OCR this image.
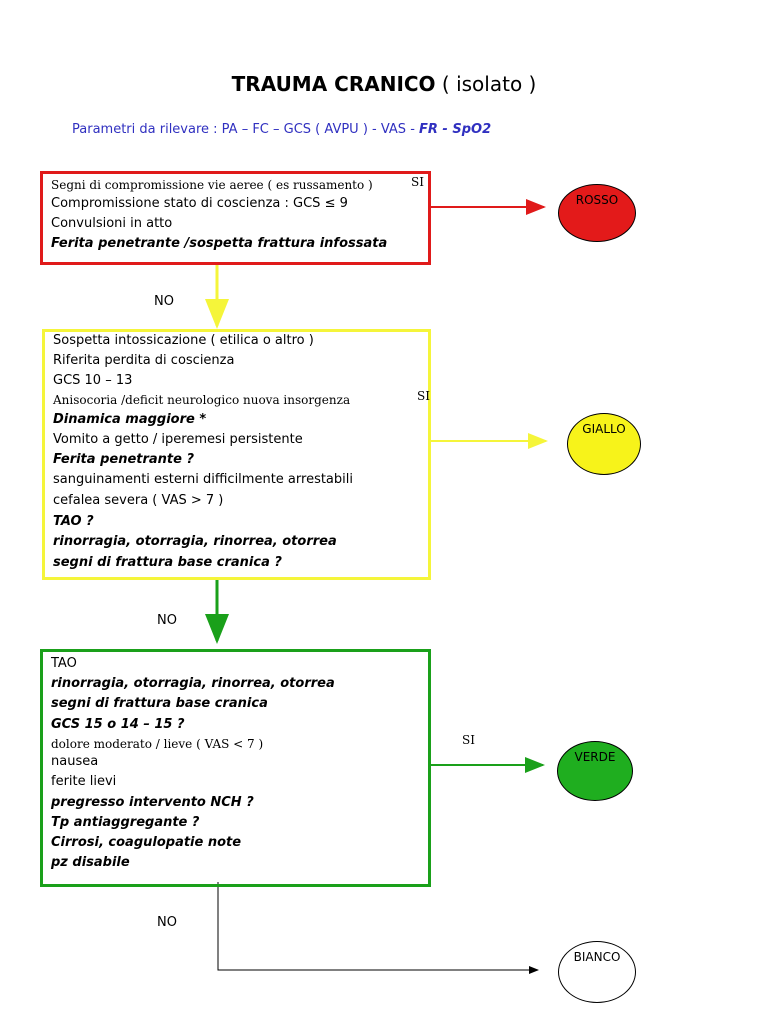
TRAUMA CRANICO ( isolato )
Parametri da rilevare : PA – FC – GCS ( AVPU ) - VAS - FR - SpO2
Segni di compromissione vie aeree ( es russamento )
Compromissione stato di coscienza : GCS ≤ 9
Convulsioni in atto
Ferita penetrante /sospetta frattura infossata
SI
Sospetta intossicazione ( etilica o altro )
Riferita perdita di coscienza
GCS 10 – 13
Anisocoria /deficit neurologico nuova insorgenza
Dinamica maggiore *
Vomito a getto / iperemesi persistente
Ferita penetrante ?
sanguinamenti esterni difficilmente arrestabili
cefalea severa ( VAS > 7 )
TAO ?
rinorragia, otorragia, rinorrea, otorrea
segni di frattura base cranica ?
SI
TAO
rinorragia, otorragia, rinorrea, otorrea
segni di frattura base cranica
GCS 15 o 14 – 15 ?
dolore moderato / lieve ( VAS < 7 )
nausea
ferite lievi
pregresso intervento NCH ?
Tp antiaggregante ?
Cirrosi, coagulopatie note
pz disabile
SI
NO
NO
NO
ROSSO
GIALLO
VERDE
BIANCO
